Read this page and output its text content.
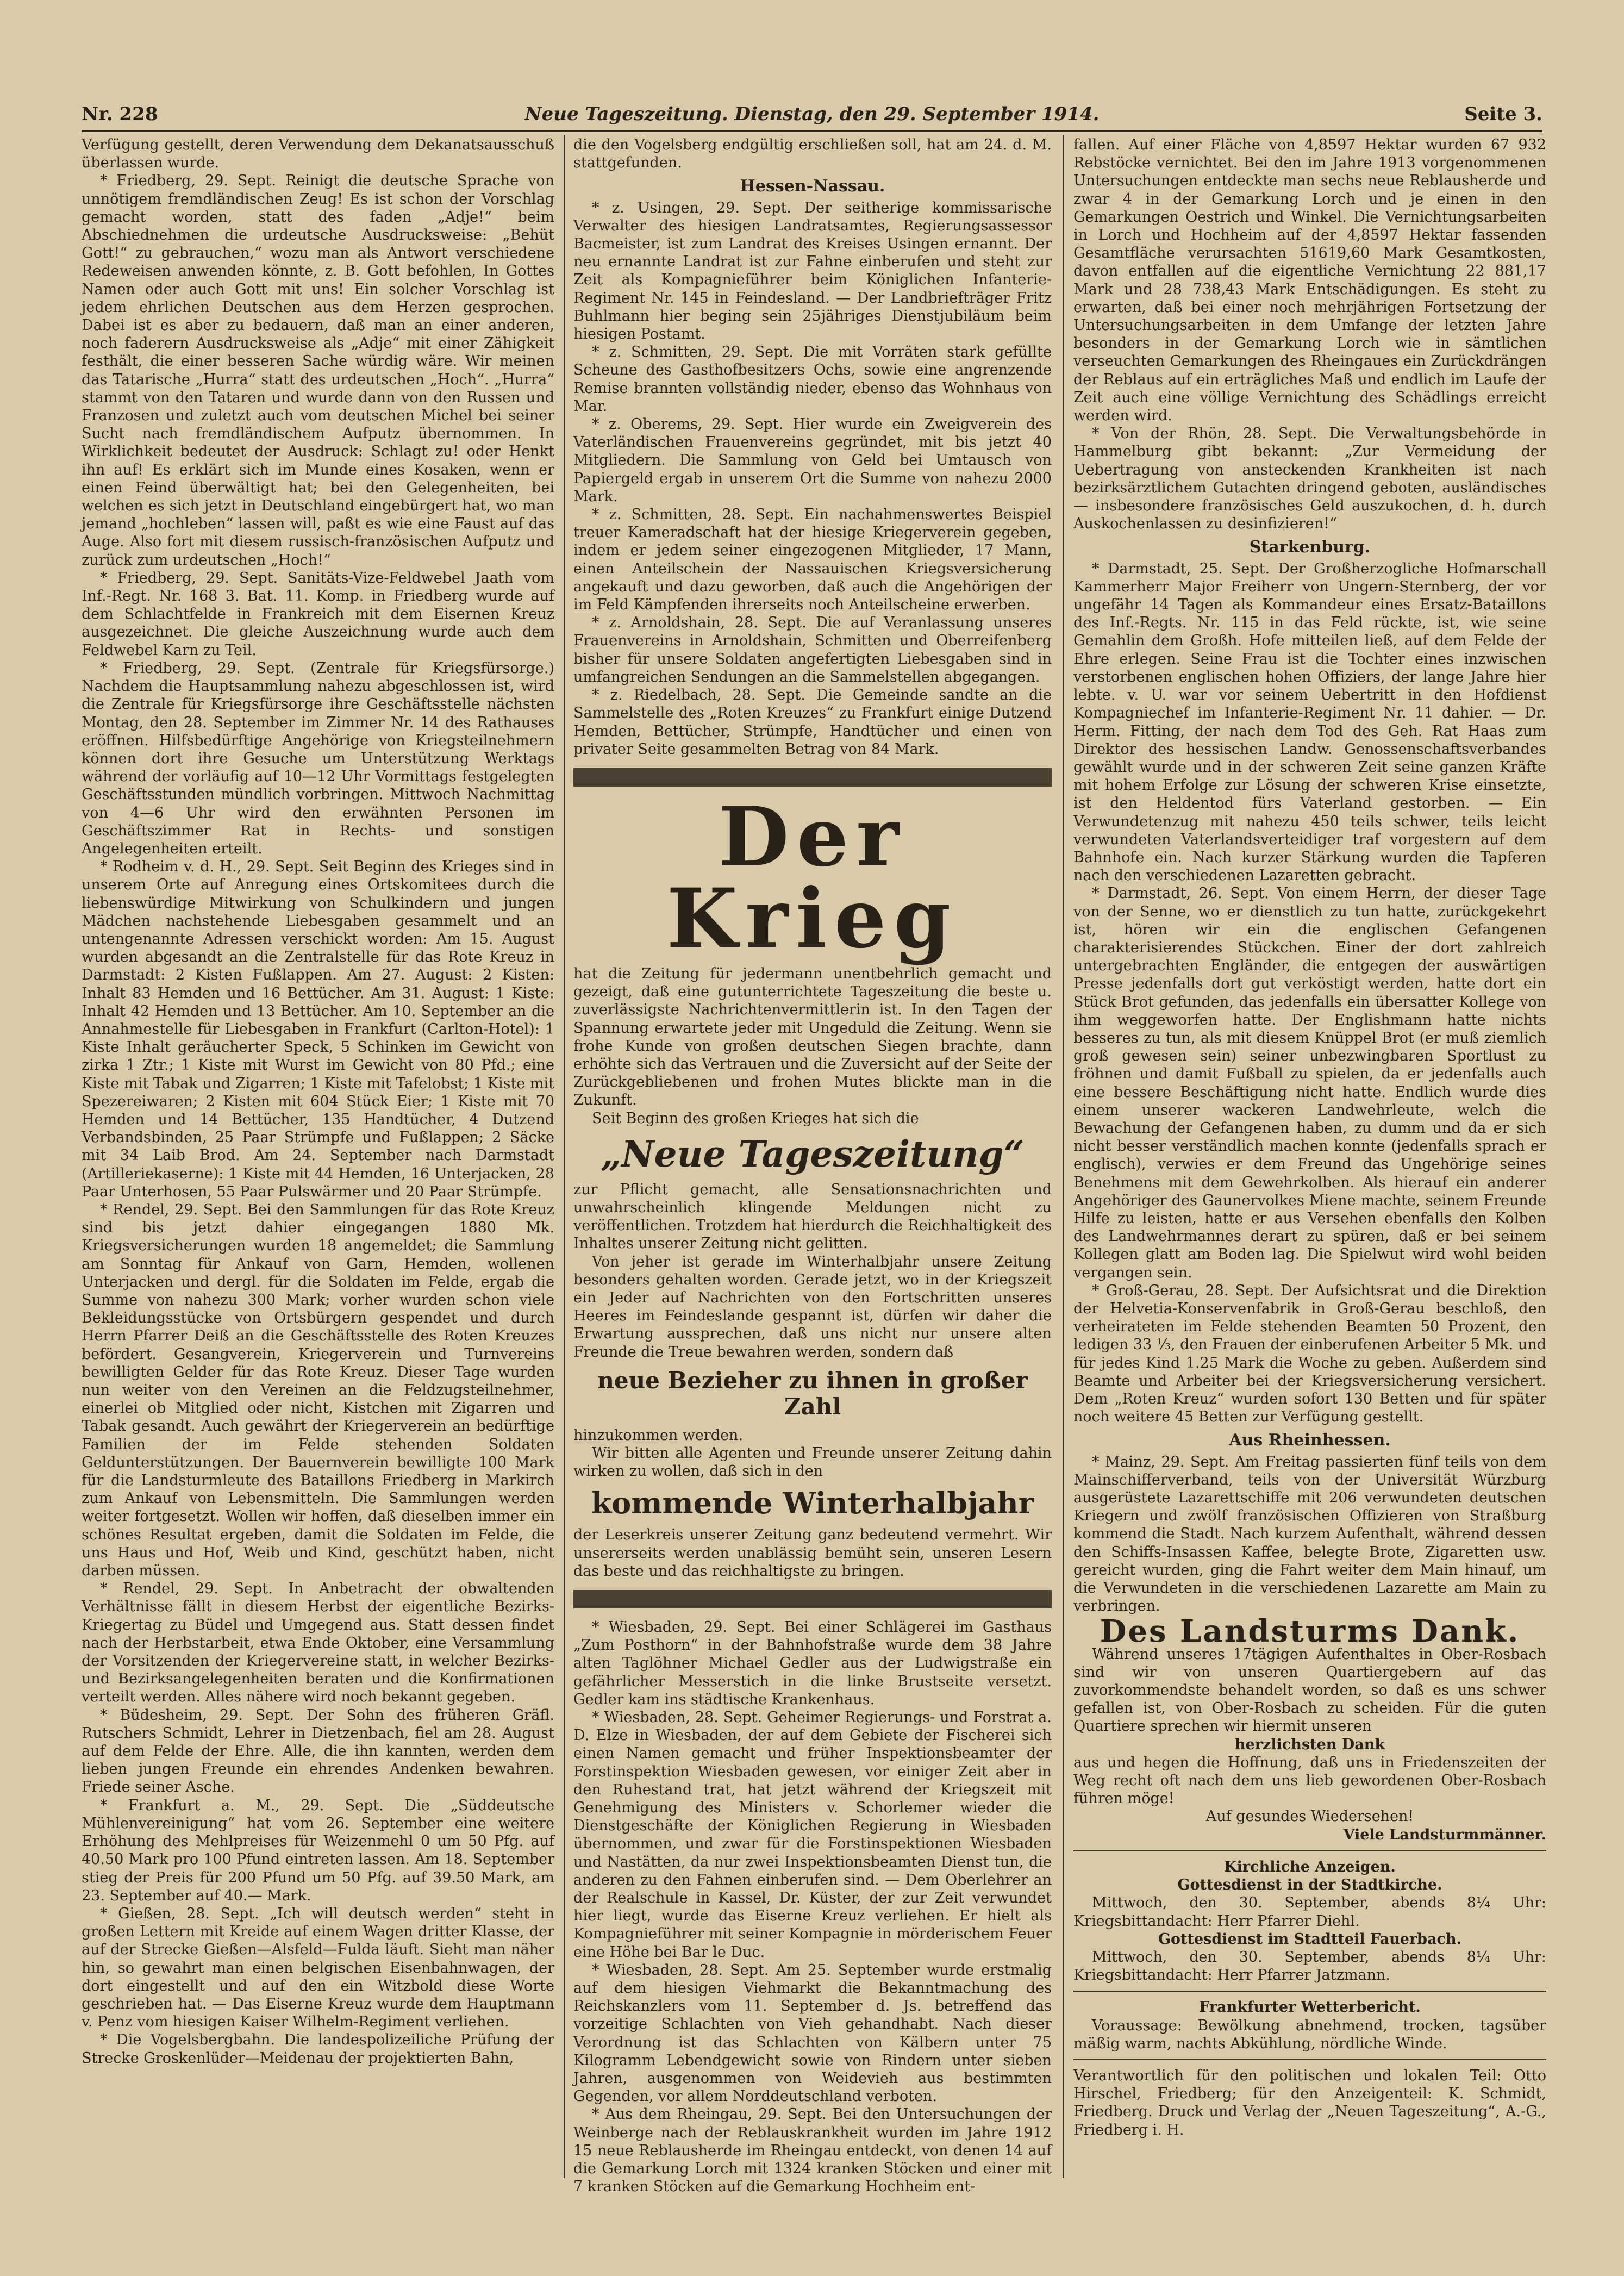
Nr. 228	Neue Tageszeitung. Dienstag, den 29. September 1914.	Seite 3.

Verfügung gestellt, deren Verwendung dem Dekanatsausschuß überlassen wurde.

* Friedberg, 29. Sept. Reinigt die deutsche Sprache von unnötigem fremdländischen Zeug! Es ist schon der Vorschlag gemacht worden, statt des faden „Adje!“ beim Abschiednehmen die urdeutsche Ausdrucksweise: „Behüt Gott!“ zu gebrauchen,“ wozu man als Antwort verschiedene Redeweisen anwenden könnte, z. B. Gott befohlen, In Gottes Namen oder auch Gott mit uns! Ein solcher Vorschlag ist jedem ehrlichen Deutschen aus dem Herzen gesprochen. Dabei ist es aber zu bedauern, daß man an einer anderen, noch faderern Ausdrucksweise als „Adje“ mit einer Zähigkeit festhält, die einer besseren Sache würdig wäre. Wir meinen das Tatarische „Hurra“ statt des urdeutschen „Hoch“. „Hurra“ stammt von den Tataren und wurde dann von den Russen und Franzosen und zuletzt auch vom deutschen Michel bei seiner Sucht nach fremdländischem Aufputz übernommen. In Wirklichkeit bedeutet der Ausdruck: Schlagt zu! oder Henkt ihn auf! Es erklärt sich im Munde eines Kosaken, wenn er einen Feind überwältigt hat; bei den Gelegenheiten, bei welchen es sich jetzt in Deutschland eingebürgert hat, wo man jemand „hochleben“ lassen will, paßt es wie eine Faust auf das Auge. Also fort mit diesem russisch-französischen Aufputz und zurück zum urdeutschen „Hoch!“

* Friedberg, 29. Sept. Sanitäts-Vize-Feldwebel Jaath vom Inf.-Regt. Nr. 168 3. Bat. 11. Komp. in Friedberg wurde auf dem Schlachtfelde in Frankreich mit dem Eisernen Kreuz ausgezeichnet. Die gleiche Auszeichnung wurde auch dem Feldwebel Karn zu Teil.

* Friedberg, 29. Sept. (Zentrale für Kriegsfürsorge.) Nachdem die Hauptsammlung nahezu abgeschlossen ist, wird die Zentrale für Kriegsfürsorge ihre Geschäftsstelle nächsten Montag, den 28. September im Zimmer Nr. 14 des Rathauses eröffnen. Hilfsbedürftige Angehörige von Kriegsteilnehmern können dort ihre Gesuche um Unterstützung Werktags während der vorläufig auf 10—12 Uhr Vormittags festgelegten Geschäftsstunden mündlich vorbringen. Mittwoch Nachmittag von 4—6 Uhr wird den erwähnten Personen im Geschäftszimmer Rat in Rechts- und sonstigen Angelegenheiten erteilt.

* Rodheim v. d. H., 29. Sept. Seit Beginn des Krieges sind in unserem Orte auf Anregung eines Ortskomitees durch die liebenswürdige Mitwirkung von Schulkindern und jungen Mädchen nachstehende Liebesgaben gesammelt und an untengenannte Adressen verschickt worden: Am 15. August wurden abgesandt an die Zentralstelle für das Rote Kreuz in Darmstadt: 2 Kisten Fußlappen. Am 27. August: 2 Kisten: Inhalt 83 Hemden und 16 Bettücher. Am 31. August: 1 Kiste: Inhalt 42 Hemden und 13 Bettücher. Am 10. September an die Annahmestelle für Liebesgaben in Frankfurt (Carlton-Hotel): 1 Kiste Inhalt geräucherter Speck, 5 Schinken im Gewicht von zirka 1 Ztr.; 1 Kiste mit Wurst im Gewicht von 80 Pfd.; eine Kiste mit Tabak und Zigarren; 1 Kiste mit Tafelobst; 1 Kiste mit Spezereiwaren; 2 Kisten mit 604 Stück Eier; 1 Kiste mit 70 Hemden und 14 Bettücher, 135 Handtücher, 4 Dutzend Verbandsbinden, 25 Paar Strümpfe und Fußlappen; 2 Säcke mit 34 Laib Brod. Am 24. September nach Darmstadt (Artilleriekaserne): 1 Kiste mit 44 Hemden, 16 Unterjacken, 28 Paar Unterhosen, 55 Paar Pulswärmer und 20 Paar Strümpfe.

* Rendel, 29. Sept. Bei den Sammlungen für das Rote Kreuz sind bis jetzt dahier eingegangen 1880 Mk. Kriegsversicherungen wurden 18 angemeldet; die Sammlung am Sonntag für Ankauf von Garn, Hemden, wollenen Unterjacken und dergl. für die Soldaten im Felde, ergab die Summe von nahezu 300 Mark; vorher wurden schon viele Bekleidungsstücke von Ortsbürgern gespendet und durch Herrn Pfarrer Deiß an die Geschäftsstelle des Roten Kreuzes befördert. Gesangverein, Kriegerverein und Turnvereins bewilligten Gelder für das Rote Kreuz. Dieser Tage wurden nun weiter von den Vereinen an die Feldzugsteilnehmer, einerlei ob Mitglied oder nicht, Kistchen mit Zigarren und Tabak gesandt. Auch gewährt der Kriegerverein an bedürftige Familien der im Felde stehenden Soldaten Geldunterstützungen. Der Bauernverein bewilligte 100 Mark für die Landsturmleute des Bataillons Friedberg in Markirch zum Ankauf von Lebensmitteln. Die Sammlungen werden weiter fortgesetzt. Wollen wir hoffen, daß dieselben immer ein schönes Resultat ergeben, damit die Soldaten im Felde, die uns Haus und Hof, Weib und Kind, geschützt haben, nicht darben müssen.

* Rendel, 29. Sept. In Anbetracht der obwaltenden Verhältnisse fällt in diesem Herbst der eigentliche Bezirks-Kriegertag zu Büdel und Umgegend aus. Statt dessen findet nach der Herbstarbeit, etwa Ende Oktober, eine Versammlung der Vorsitzenden der Kriegervereine statt, in welcher Bezirks- und Bezirksangelegenheiten beraten und die Konfirmationen verteilt werden. Alles nähere wird noch bekannt gegeben.

* Büdesheim, 29. Sept. Der Sohn des früheren Gräfl. Rutschers Schmidt, Lehrer in Dietzenbach, fiel am 28. August auf dem Felde der Ehre. Alle, die ihn kannten, werden dem lieben jungen Freunde ein ehrendes Andenken bewahren. Friede seiner Asche.

* Frankfurt a. M., 29. Sept. Die „Süddeutsche Mühlenvereinigung“ hat vom 26. September eine weitere Erhöhung des Mehlpreises für Weizenmehl 0 um 50 Pfg. auf 40.50 Mark pro 100 Pfund eintreten lassen. Am 18. September stieg der Preis für 200 Pfund um 50 Pfg. auf 39.50 Mark, am 23. September auf 40.— Mark.

* Gießen, 28. Sept. „Ich will deutsch werden“ steht in großen Lettern mit Kreide auf einem Wagen dritter Klasse, der auf der Strecke Gießen—Alsfeld—Fulda läuft. Sieht man näher hin, so gewahrt man einen belgischen Eisenbahnwagen, der dort eingestellt und auf den ein Witzbold diese Worte geschrieben hat. — Das Eiserne Kreuz wurde dem Hauptmann v. Penz vom hiesigen Kaiser Wilhelm-Regiment verliehen.

* Die Vogelsbergbahn. Die landespolizeiliche Prüfung der Strecke Groskenlüder—Meidenau der projektierten Bahn,

die den Vogelsberg endgültig erschließen soll, hat am 24. d. M. stattgefunden.

Hessen-Nassau.

* z. Usingen, 29. Sept. Der seitherige kommissarische Verwalter des hiesigen Landratsamtes, Regierungsassessor Bacmeister, ist zum Landrat des Kreises Usingen ernannt. Der neu ernannte Landrat ist zur Fahne einberufen und steht zur Zeit als Kompagnieführer beim Königlichen Infanterie-Regiment Nr. 145 in Feindesland. — Der Landbriefträger Fritz Buhlmann hier beging sein 25jähriges Dienstjubiläum beim hiesigen Postamt.

* z. Schmitten, 29. Sept. Die mit Vorräten stark gefüllte Scheune des Gasthofbesitzers Ochs, sowie eine angrenzende Remise brannten vollständig nieder, ebenso das Wohnhaus von Mar.

* z. Oberems, 29. Sept. Hier wurde ein Zweigverein des Vaterländischen Frauenvereins gegründet, mit bis jetzt 40 Mitgliedern. Die Sammlung von Geld bei Umtausch von Papiergeld ergab in unserem Ort die Summe von nahezu 2000 Mark.

* z. Schmitten, 28. Sept. Ein nachahmenswertes Beispiel treuer Kameradschaft hat der hiesige Kriegerverein gegeben, indem er jedem seiner eingezogenen Mitglieder, 17 Mann, einen Anteilschein der Nassauischen Kriegsversicherung angekauft und dazu geworben, daß auch die Angehörigen der im Feld Kämpfenden ihrerseits noch Anteilscheine erwerben.

* z. Arnoldshain, 28. Sept. Die auf Veranlassung unseres Frauenvereins in Arnoldshain, Schmitten und Oberreifenberg bisher für unsere Soldaten angefertigten Liebesgaben sind in umfangreichen Sendungen an die Sammelstellen abgegangen.

* z. Riedelbach, 28. Sept. Die Gemeinde sandte an die Sammelstelle des „Roten Kreuzes“ zu Frankfurt einige Dutzend Hemden, Bettücher, Strümpfe, Handtücher und einen von privater Seite gesammelten Betrag von 84 Mark.

Der Krieg

hat die Zeitung für jedermann unentbehrlich gemacht und gezeigt, daß eine gutunterrichtete Tageszeitung die beste u. zuverlässigste Nachrichtenvermittlerin ist. In den Tagen der Spannung erwartete jeder mit Ungeduld die Zeitung. Wenn sie frohe Kunde von großen deutschen Siegen brachte, dann erhöhte sich das Vertrauen und die Zuversicht auf der Seite der Zurückgebliebenen und frohen Mutes blickte man in die Zukunft.

Seit Beginn des großen Krieges hat sich die

„Neue Tageszeitung“

zur Pflicht gemacht, alle Sensationsnachrichten und unwahrscheinlich klingende Meldungen nicht zu veröffentlichen. Trotzdem hat hierdurch die Reichhaltigkeit des Inhaltes unserer Zeitung nicht gelitten.

Von jeher ist gerade im Winterhalbjahr unsere Zeitung besonders gehalten worden. Gerade jetzt, wo in der Kriegszeit ein Jeder auf Nachrichten von den Fortschritten unseres Heeres im Feindeslande gespannt ist, dürfen wir daher die Erwartung aussprechen, daß uns nicht nur unsere alten Freunde die Treue bewahren werden, sondern daß

neue Bezieher zu ihnen in großer Zahl

hinzukommen werden.

Wir bitten alle Agenten und Freunde unserer Zeitung dahin wirken zu wollen, daß sich in den

kommende Winterhalbjahr

der Leserkreis unserer Zeitung ganz bedeutend vermehrt. Wir unsererseits werden unablässig bemüht sein, unseren Lesern das beste und das reichhaltigste zu bringen.

* Wiesbaden, 29. Sept. Bei einer Schlägerei im Gasthaus „Zum Posthorn“ in der Bahnhofstraße wurde dem 38 Jahre alten Taglöhner Michael Gedler aus der Ludwigstraße ein gefährlicher Messerstich in die linke Brustseite versetzt. Gedler kam ins städtische Krankenhaus.

* Wiesbaden, 28. Sept. Geheimer Regierungs- und Forstrat a. D. Elze in Wiesbaden, der auf dem Gebiete der Fischerei sich einen Namen gemacht und früher Inspektionsbeamter der Forstinspektion Wiesbaden gewesen, vor einiger Zeit aber in den Ruhestand trat, hat jetzt während der Kriegszeit mit Genehmigung des Ministers v. Schorlemer wieder die Dienstgeschäfte der Königlichen Regierung in Wiesbaden übernommen, und zwar für die Forstinspektionen Wiesbaden und Nastätten, da nur zwei Inspektionsbeamten Dienst tun, die anderen zu den Fahnen einberufen sind. — Dem Oberlehrer an der Realschule in Kassel, Dr. Küster, der zur Zeit verwundet hier liegt, wurde das Eiserne Kreuz verliehen. Er hielt als Kompagnieführer mit seiner Kompagnie in mörderischem Feuer eine Höhe bei Bar le Duc.

* Wiesbaden, 28. Sept. Am 25. September wurde erstmalig auf dem hiesigen Viehmarkt die Bekanntmachung des Reichskanzlers vom 11. September d. Js. betreffend das vorzeitige Schlachten von Vieh gehandhabt. Nach dieser Verordnung ist das Schlachten von Kälbern unter 75 Kilogramm Lebendgewicht sowie von Rindern unter sieben Jahren, ausgenommen von Weidevieh aus bestimmten Gegenden, vor allem Norddeutschland verboten.

* Aus dem Rheingau, 29. Sept. Bei den Untersuchungen der Weinberge nach der Reblauskrankheit wurden im Jahre 1912 15 neue Reblausherde im Rheingau entdeckt, von denen 14 auf die Gemarkung Lorch mit 1324 kranken Stöcken und einer mit 7 kranken Stöcken auf die Gemarkung Hochheim ent-

fallen. Auf einer Fläche von 4,8597 Hektar wurden 67 932 Rebstöcke vernichtet. Bei den im Jahre 1913 vorgenommenen Untersuchungen entdeckte man sechs neue Reblausherde und zwar 4 in der Gemarkung Lorch und je einen in den Gemarkungen Oestrich und Winkel. Die Vernichtungsarbeiten in Lorch und Hochheim auf der 4,8597 Hektar fassenden Gesamtfläche verursachten 51619,60 Mark Gesamtkosten, davon entfallen auf die eigentliche Vernichtung 22 881,17 Mark und 28 738,43 Mark Entschädigungen. Es steht zu erwarten, daß bei einer noch mehrjährigen Fortsetzung der Untersuchungsarbeiten in dem Umfange der letzten Jahre besonders in der Gemarkung Lorch wie in sämtlichen verseuchten Gemarkungen des Rheingaues ein Zurückdrängen der Reblaus auf ein erträgliches Maß und endlich im Laufe der Zeit auch eine völlige Vernichtung des Schädlings erreicht werden wird.

* Von der Rhön, 28. Sept. Die Verwaltungsbehörde in Hammelburg gibt bekannt: „Zur Vermeidung der Uebertragung von ansteckenden Krankheiten ist nach bezirksärztlichem Gutachten dringend geboten, ausländisches — insbesondere französisches Geld auszukochen, d. h. durch Auskochenlassen zu desinfizieren!“

Starkenburg.

* Darmstadt, 25. Sept. Der Großherzogliche Hofmarschall Kammerherr Major Freiherr von Ungern-Sternberg, der vor ungefähr 14 Tagen als Kommandeur eines Ersatz-Bataillons des Inf.-Regts. Nr. 115 in das Feld rückte, ist, wie seine Gemahlin dem Großh. Hofe mitteilen ließ, auf dem Felde der Ehre erlegen. Seine Frau ist die Tochter eines inzwischen verstorbenen englischen hohen Offiziers, der lange Jahre hier lebte. v. U. war vor seinem Uebertritt in den Hofdienst Kompagniechef im Infanterie-Regiment Nr. 11 dahier. — Dr. Herm. Fitting, der nach dem Tod des Geh. Rat Haas zum Direktor des hessischen Landw. Genossenschaftsverbandes gewählt wurde und in der schweren Zeit seine ganzen Kräfte mit hohem Erfolge zur Lösung der schweren Krise einsetzte, ist den Heldentod fürs Vaterland gestorben. — Ein Verwundetenzug mit nahezu 450 teils schwer, teils leicht verwundeten Vaterlandsverteidiger traf vorgestern auf dem Bahnhofe ein. Nach kurzer Stärkung wurden die Tapferen nach den verschiedenen Lazaretten gebracht.

* Darmstadt, 26. Sept. Von einem Herrn, der dieser Tage von der Senne, wo er dienstlich zu tun hatte, zurückgekehrt ist, hören wir ein die englischen Gefangenen charakterisierendes Stückchen. Einer der dort zahlreich untergebrachten Engländer, die entgegen der auswärtigen Presse jedenfalls dort gut verköstigt werden, hatte dort ein Stück Brot gefunden, das jedenfalls ein übersatter Kollege von ihm weggeworfen hatte. Der Englishmann hatte nichts besseres zu tun, als mit diesem Knüppel Brot (er muß ziemlich groß gewesen sein) seiner unbezwingbaren Sportlust zu fröhnen und damit Fußball zu spielen, da er jedenfalls auch eine bessere Beschäftigung nicht hatte. Endlich wurde dies einem unserer wackeren Landwehrleute, welch die Bewachung der Gefangenen haben, zu dumm und da er sich nicht besser verständlich machen konnte (jedenfalls sprach er englisch), verwies er dem Freund das Ungehörige seines Benehmens mit dem Gewehrkolben. Als hierauf ein anderer Angehöriger des Gaunervolkes Miene machte, seinem Freunde Hilfe zu leisten, hatte er aus Versehen ebenfalls den Kolben des Landwehrmannes derart zu spüren, daß er bei seinem Kollegen glatt am Boden lag. Die Spielwut wird wohl beiden vergangen sein.

* Groß-Gerau, 28. Sept. Der Aufsichtsrat und die Direktion der Helvetia-Konservenfabrik in Groß-Gerau beschloß, den verheirateten im Felde stehenden Beamten 50 Prozent, den ledigen 33 ⅓, den Frauen der einberufenen Arbeiter 5 Mk. und für jedes Kind 1.25 Mark die Woche zu geben. Außerdem sind Beamte und Arbeiter bei der Kriegsversicherung versichert. Dem „Roten Kreuz“ wurden sofort 130 Betten und für später noch weitere 45 Betten zur Verfügung gestellt.

Aus Rheinhessen.

* Mainz, 29. Sept. Am Freitag passierten fünf teils von dem Mainschifferverband, teils von der Universität Würzburg ausgerüstete Lazarettschiffe mit 206 verwundeten deutschen Kriegern und zwölf französischen Offizieren von Straßburg kommend die Stadt. Nach kurzem Aufenthalt, während dessen den Schiffs-Insassen Kaffee, belegte Brote, Zigaretten usw. gereicht wurden, ging die Fahrt weiter dem Main hinauf, um die Verwundeten in die verschiedenen Lazarette am Main zu verbringen.

Des Landsturms Dank.

Während unseres 17tägigen Aufenthaltes in Ober-Rosbach sind wir von unseren Quartiergebern auf das zuvorkommendste behandelt worden, so daß es uns schwer gefallen ist, von Ober-Rosbach zu scheiden. Für die guten Quartiere sprechen wir hiermit unseren

herzlichsten Dank

aus und hegen die Hoffnung, daß uns in Friedenszeiten der Weg recht oft nach dem uns lieb gewordenen Ober-Rosbach führen möge!

Auf gesundes Wiedersehen!

Viele Landsturmmänner.

Kirchliche Anzeigen.

Gottesdienst in der Stadtkirche.

Mittwoch, den 30. September, abends 8¼ Uhr: Kriegsbittandacht: Herr Pfarrer Diehl.

Gottesdienst im Stadtteil Fauerbach.

Mittwoch, den 30. September, abends 8¼ Uhr: Kriegsbittandacht: Herr Pfarrer Jatzmann.

Frankfurter Wetterbericht.

Voraussage: Bewölkung abnehmend, trocken, tagsüber mäßig warm, nachts Abkühlung, nördliche Winde.

Verantwortlich für den politischen und lokalen Teil: Otto Hirschel, Friedberg; für den Anzeigenteil: K. Schmidt, Friedberg. Druck und Verlag der „Neuen Tageszeitung“, A.-G., Friedberg i. H.
